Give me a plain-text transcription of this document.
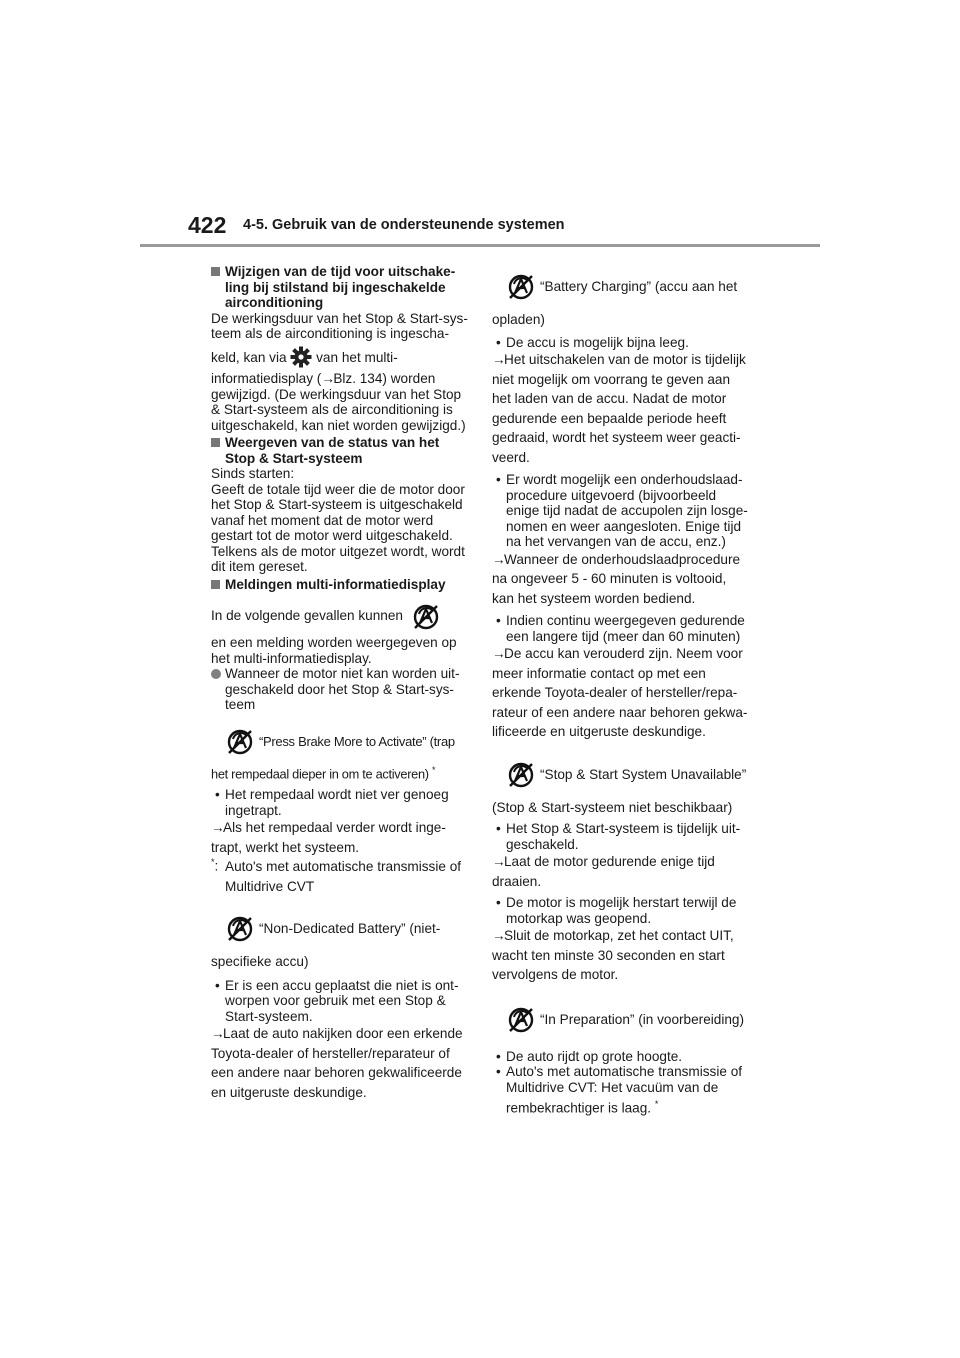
422 4-5. Gebruik van de ondersteunende systemen
Wijzigen van de tijd voor uitschake-
ling bij stilstand bij ingeschakelde
airconditioning
De werkingsduur van het Stop & Start-sys-
teem als de airconditioning is ingescha-
keld, kan via van het multi-
informatiedisplay (→Blz. 134) worden
gewijzigd. (De werkingsduur van het Stop
& Start-systeem als de airconditioning is
uitgeschakeld, kan niet worden gewijzigd.)
Weergeven van de status van het
Stop & Start-systeem
Sinds starten:
Geeft de totale tijd weer die de motor door
het Stop & Start-systeem is uitgeschakeld
vanaf het moment dat de motor werd
gestart tot de motor werd uitgeschakeld.
Telkens als de motor uitgezet wordt, wordt
dit item gereset.
Meldingen multi-informatiedisplay
In de volgende gevallen kunnen
en een melding worden weergegeven op
het multi-informatiedisplay.
Wanneer de motor niet kan worden uit-
geschakeld door het Stop & Start-sys-
teem
“Press Brake More to Activate” (trap
het rempedaal dieper in om te activeren) *
• Het rempedaal wordt niet ver genoeg
ingetrapt.
→Als het rempedaal verder wordt inge-
trapt, werkt het systeem.
*: Auto's met automatische transmissie of
Multidrive CVT
“Non-Dedicated Battery” (niet-
specifieke accu)
• Er is een accu geplaatst die niet is ont-
worpen voor gebruik met een Stop &
Start-systeem.
→Laat de auto nakijken door een erkende
Toyota-dealer of hersteller/reparateur of
een andere naar behoren gekwalificeerde
en uitgeruste deskundige.
“Battery Charging” (accu aan het
opladen)
• De accu is mogelijk bijna leeg.
→Het uitschakelen van de motor is tijdelijk
niet mogelijk om voorrang te geven aan
het laden van de accu. Nadat de motor
gedurende een bepaalde periode heeft
gedraaid, wordt het systeem weer geacti-
veerd.
• Er wordt mogelijk een onderhoudslaad-
procedure uitgevoerd (bijvoorbeeld
enige tijd nadat de accupolen zijn losge-
nomen en weer aangesloten. Enige tijd
na het vervangen van de accu, enz.)
→Wanneer de onderhoudslaadprocedure
na ongeveer 5 - 60 minuten is voltooid,
kan het systeem worden bediend.
• Indien continu weergegeven gedurende
een langere tijd (meer dan 60 minuten)
→De accu kan verouderd zijn. Neem voor
meer informatie contact op met een
erkende Toyota-dealer of hersteller/repa-
rateur of een andere naar behoren gekwa-
lificeerde en uitgeruste deskundige.
“Stop & Start System Unavailable”
(Stop & Start-systeem niet beschikbaar)
• Het Stop & Start-systeem is tijdelijk uit-
geschakeld.
→Laat de motor gedurende enige tijd
draaien.
• De motor is mogelijk herstart terwijl de
motorkap was geopend.
→Sluit de motorkap, zet het contact UIT,
wacht ten minste 30 seconden en start
vervolgens de motor.
“In Preparation” (in voorbereiding)
• De auto rijdt op grote hoogte.
• Auto's met automatische transmissie of
Multidrive CVT: Het vacuüm van de
rembekrachtiger is laag. *
